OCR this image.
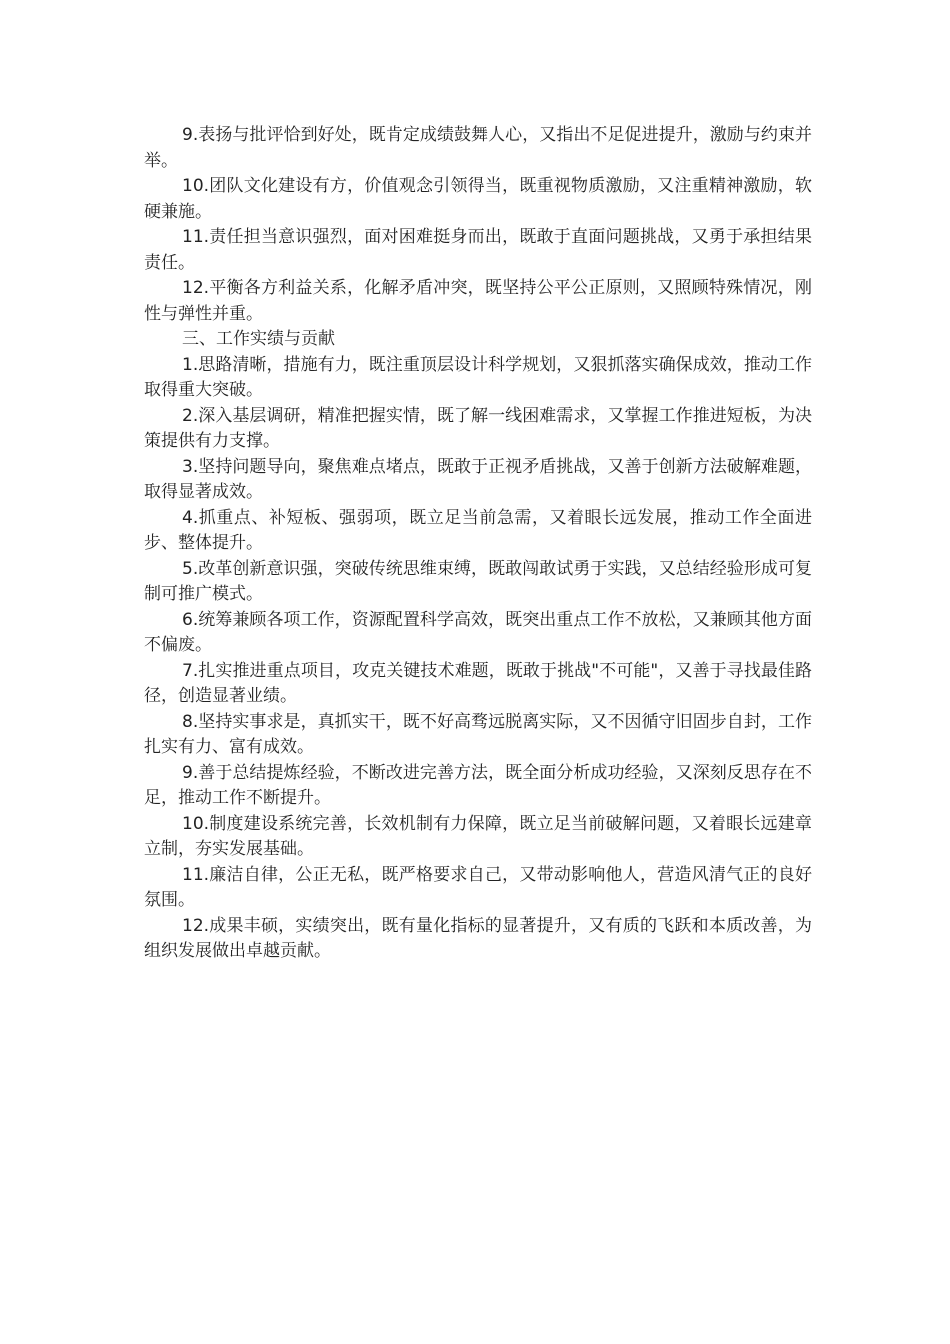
9.表扬与批评恰到好处，既肯定成绩鼓舞人心，又指出不足促进提升，激励与约束并举。

10.团队文化建设有方，价值观念引领得当，既重视物质激励，又注重精神激励，软硬兼施。

11.责任担当意识强烈，面对困难挺身而出，既敢于直面问题挑战，又勇于承担结果责任。

12.平衡各方利益关系，化解矛盾冲突，既坚持公平公正原则，又照顾特殊情况，刚性与弹性并重。

三、工作实绩与贡献

1.思路清晰，措施有力，既注重顶层设计科学规划，又狠抓落实确保成效，推动工作取得重大突破。

2.深入基层调研，精准把握实情，既了解一线困难需求，又掌握工作推进短板，为决策提供有力支撑。

3.坚持问题导向，聚焦难点堵点，既敢于正视矛盾挑战，又善于创新方法破解难题，取得显著成效。

4.抓重点、补短板、强弱项，既立足当前急需，又着眼长远发展，推动工作全面进步、整体提升。

5.改革创新意识强，突破传统思维束缚，既敢闯敢试勇于实践，又总结经验形成可复制可推广模式。

6.统筹兼顾各项工作，资源配置科学高效，既突出重点工作不放松，又兼顾其他方面不偏废。

7.扎实推进重点项目，攻克关键技术难题，既敢于挑战"不可能"，又善于寻找最佳路径，创造显著业绩。

8.坚持实事求是，真抓实干，既不好高骛远脱离实际，又不因循守旧固步自封，工作扎实有力、富有成效。

9.善于总结提炼经验，不断改进完善方法，既全面分析成功经验，又深刻反思存在不足，推动工作不断提升。

10.制度建设系统完善，长效机制有力保障，既立足当前破解问题，又着眼长远建章立制，夯实发展基础。

11.廉洁自律，公正无私，既严格要求自己，又带动影响他人，营造风清气正的良好氛围。

12.成果丰硕，实绩突出，既有量化指标的显著提升，又有质的飞跃和本质改善，为组织发展做出卓越贡献。
